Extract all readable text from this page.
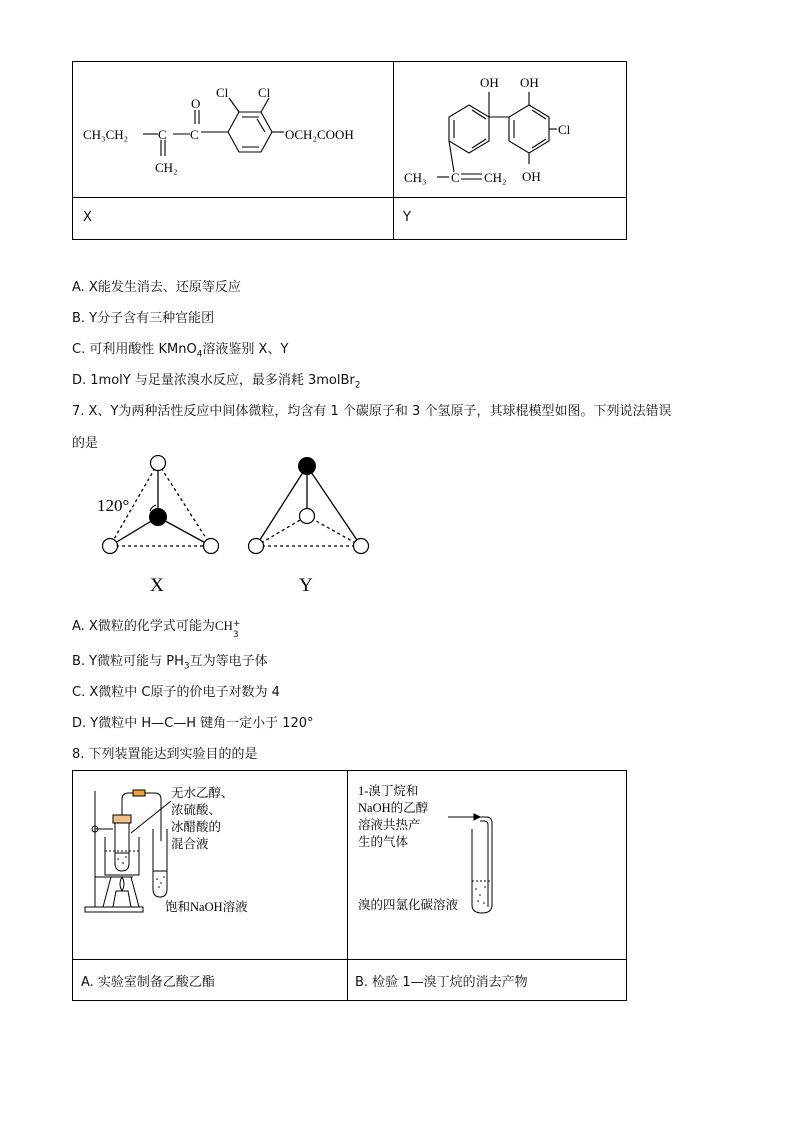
X	Y
CH₃CH₂ C C
O
Cl Cl
OCH₂COOH
CH₂
OH OH
OH
Cl
CH₃ C CH₂
A. X能发生消去、还原等反应
B. Y分子含有三种官能团
C. 可利用酸性 KMnO$_4$溶液鉴别 X、Y
D. 1molY 与足量浓溴水反应，最多消耗 3molBr$_2$
7. X、Y为两种活性反应中间体微粒，均含有 1 个碳原子和 3 个氢原子，其球棍模型如图。下列说法错误
的是
120°
X	Y
A. X微粒的化学式可能为CH +
3
B. Y微粒可能与 $PH_3$互为等电子体
C. X微粒中 C原子的价电子对数为 4
D. Y微粒中 H—C—H 键角一定小于 120°
8. 下列装置能达到实验目的的是
B. 检验 1—溴丁烷的消去产物
A. 实验室制备乙酸乙酯
无水乙醇、
浓硫酸、
冰醋酸的
混合液
饱和NaOH溶液
1-溴丁烷和
NaOH的乙醇
溶液共热产
生的气体
溴的四氯化碳溶液
